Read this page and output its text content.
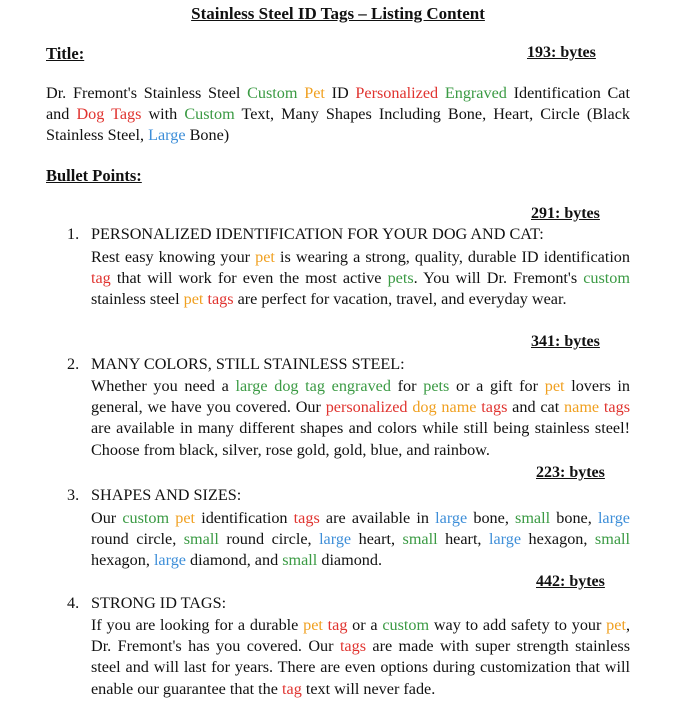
Stainless Steel ID Tags – Listing Content
Title:	193: bytes
Dr. Fremont's Stainless Steel Custom Pet ID Personalized Engraved Identification Cat and Dog Tags with Custom Text, Many Shapes Including Bone, Heart, Circle (Black Stainless Steel, Large Bone)
Bullet Points:
291: bytes
1. PERSONALIZED IDENTIFICATION FOR YOUR DOG AND CAT:
Rest easy knowing your pet is wearing a strong, quality, durable ID identification tag that will work for even the most active pets. You will Dr. Fremont's custom stainless steel pet tags are perfect for vacation, travel, and everyday wear.
341: bytes
2. MANY COLORS, STILL STAINLESS STEEL:
Whether you need a large dog tag engraved for pets or a gift for pet lovers in general, we have you covered. Our personalized dog name tags and cat name tags are available in many different shapes and colors while still being stainless steel! Choose from black, silver, rose gold, gold, blue, and rainbow.
223: bytes
3. SHAPES AND SIZES:
Our custom pet identification tags are available in large bone, small bone, large round circle, small round circle, large heart, small heart, large hexagon, small hexagon, large diamond, and small diamond.
442: bytes
4. STRONG ID TAGS:
If you are looking for a durable pet tag or a custom way to add safety to your pet, Dr. Fremont's has you covered. Our tags are made with super strength stainless steel and will last for years. There are even options during customization that will enable our guarantee that the tag text will never fade.
